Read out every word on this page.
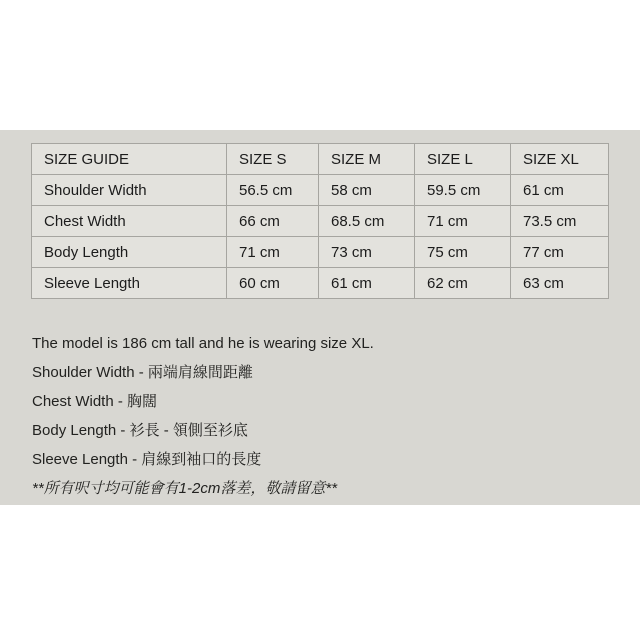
SIZE GUIDE	SIZE S	SIZE M	SIZE L	SIZE XL
Shoulder Width	56.5 cm	58 cm	59.5 cm	61 cm
Chest Width	66 cm	68.5 cm	71 cm	73.5 cm
Body Length	71 cm	73 cm	75 cm	77 cm
Sleeve Length	60 cm	61 cm	62 cm	63 cm

The model is 186 cm tall and he is wearing size XL.

Shoulder Width - 兩端肩線間距離

Chest Width - 胸闊

Body Length - 衫長 - 領側至衫底

Sleeve Length - 肩線到袖口的長度

**所有呎寸均可能會有1-2cm落差，敬請留意**
